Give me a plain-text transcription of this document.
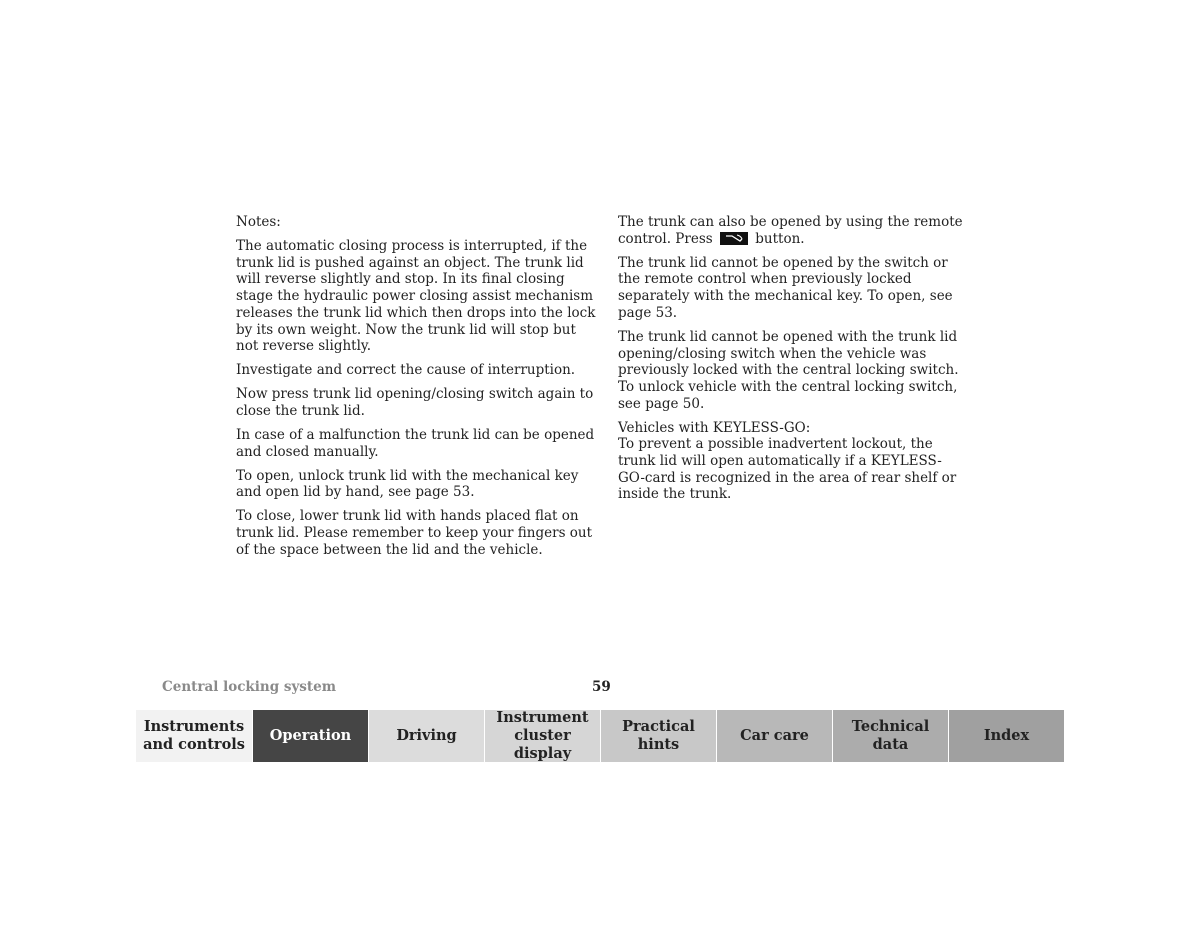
Notes:

The automatic closing process is interrupted, if the trunk lid is pushed against an object. The trunk lid will reverse slightly and stop. In its final closing stage the hydraulic power closing assist mechanism releases the trunk lid which then drops into the lock by its own weight. Now the trunk lid will stop but not reverse slightly.

Investigate and correct the cause of interruption.

Now press trunk lid opening/closing switch again to close the trunk lid.

In case of a malfunction the trunk lid can be opened and closed manually.

To open, unlock trunk lid with the mechanical key and open lid by hand, see page 53.

To close, lower trunk lid with hands placed flat on trunk lid. Please remember to keep your fingers out of the space between the lid and the vehicle.

The trunk can also be opened by using the remote control. Press	button.

The trunk lid cannot be opened by the switch or the remote control when previously locked separately with the mechanical key. To open, see page 53.

The trunk lid cannot be opened with the trunk lid opening/closing switch when the vehicle was previously locked with the central locking switch. To unlock vehicle with the central locking switch, see page 50.

Vehicles with KEYLESS-GO:
To prevent a possible inadvertent lockout, the trunk lid will open automatically if a KEYLESS-GO-card is recognized in the area of rear shelf or inside the trunk.

Central locking system	59
Instruments
and controls
Operation	Driving
Instrument
cluster display
Practical hints
Car care
Technical
data
Index
